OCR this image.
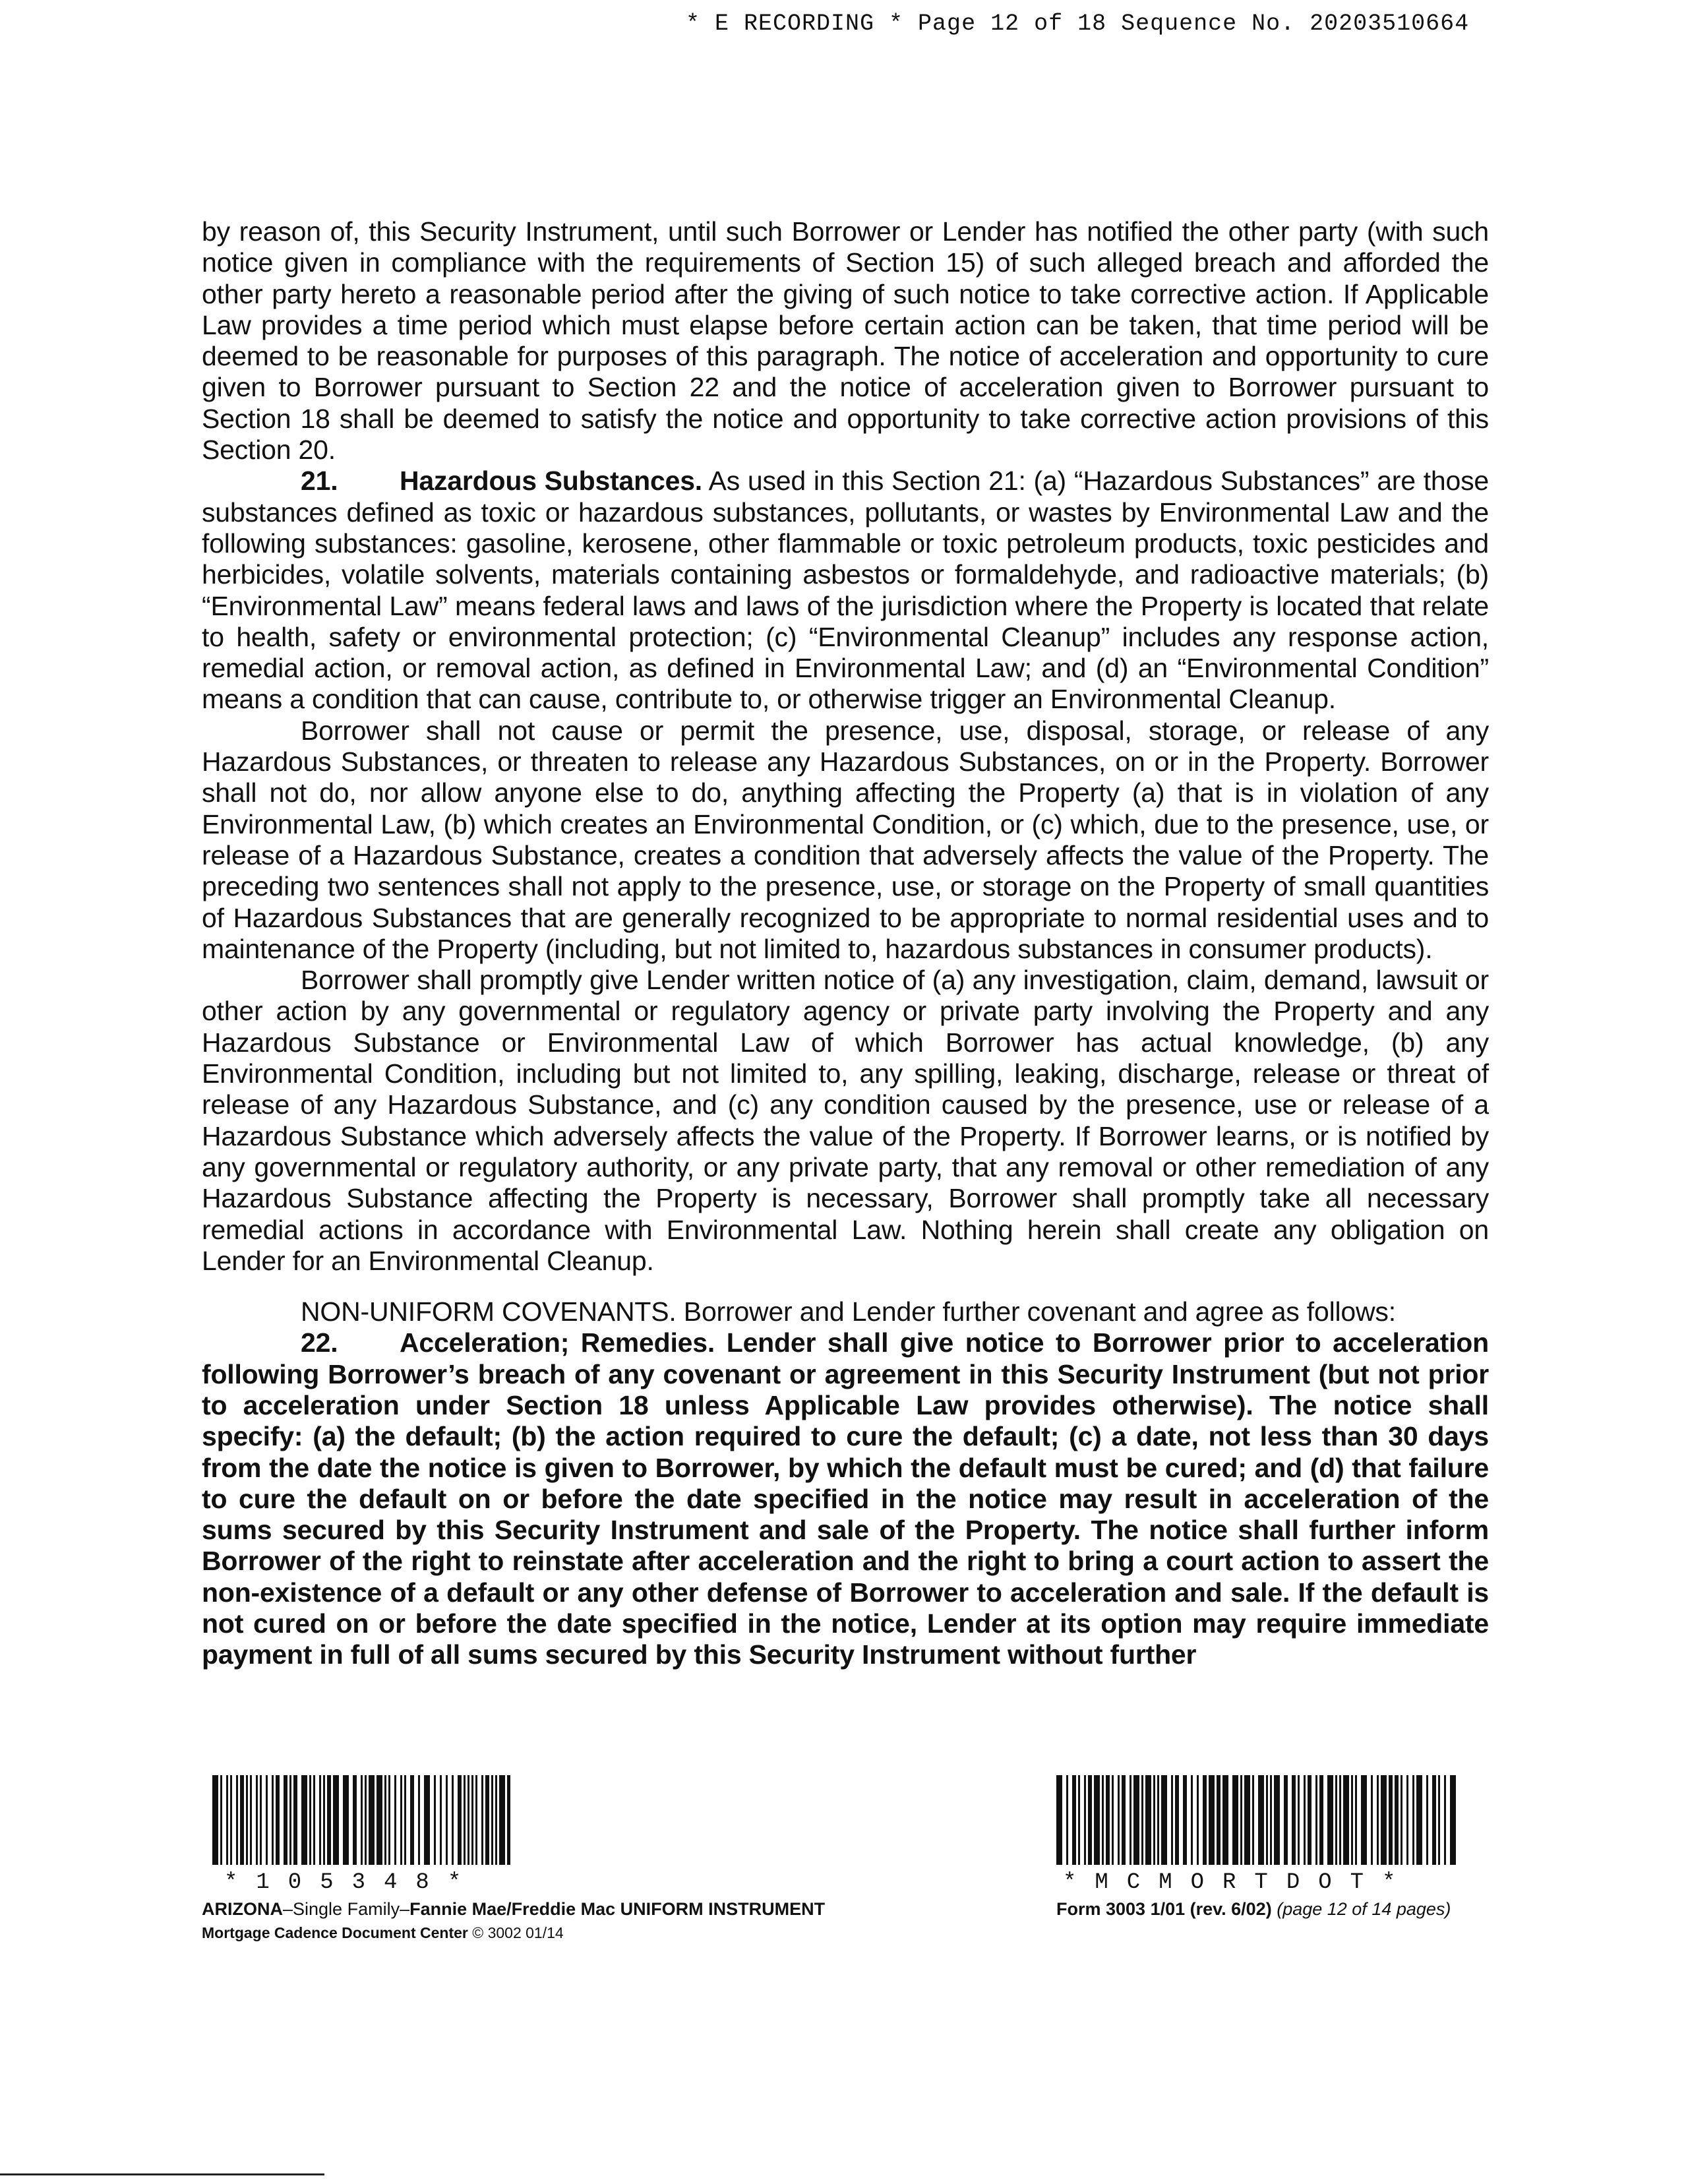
* E RECORDING * Page 12 of 18 Sequence No. 20203510664

by reason of, this Security Instrument, until such Borrower or Lender has notified the other party (with such notice given in compliance with the requirements of Section 15) of such alleged breach and afforded the other party hereto a reasonable period after the giving of such notice to take corrective action. If Applicable Law provides a time period which must elapse before certain action can be taken, that time period will be deemed to be reasonable for purposes of this paragraph. The notice of acceleration and opportunity to cure given to Borrower pursuant to Section 22 and the notice of acceleration given to Borrower pursuant to Section 18 shall be deemed to satisfy the notice and opportunity to take corrective action provisions of this Section 20.

21. Hazardous Substances. As used in this Section 21: (a) “Hazardous Substances” are those substances defined as toxic or hazardous substances, pollutants, or wastes by Environmental Law and the following substances: gasoline, kerosene, other flammable or toxic petroleum products, toxic pesticides and herbicides, volatile solvents, materials containing asbestos or formaldehyde, and radioactive materials; (b) “Environmental Law” means federal laws and laws of the jurisdiction where the Property is located that relate to health, safety or environmental protection; (c) “Environmental Cleanup” includes any response action, remedial action, or removal action, as defined in Environmental Law; and (d) an “Environmental Condition” means a condition that can cause, contribute to, or otherwise trigger an Environmental Cleanup.

Borrower shall not cause or permit the presence, use, disposal, storage, or release of any Hazardous Substances, or threaten to release any Hazardous Substances, on or in the Property. Borrower shall not do, nor allow anyone else to do, anything affecting the Property (a) that is in violation of any Environmental Law, (b) which creates an Environmental Condition, or (c) which, due to the presence, use, or release of a Hazardous Substance, creates a condition that adversely affects the value of the Property. The preceding two sentences shall not apply to the presence, use, or storage on the Property of small quantities of Hazardous Substances that are generally recognized to be appropriate to normal residential uses and to maintenance of the Property (including, but not limited to, hazardous substances in consumer products).

Borrower shall promptly give Lender written notice of (a) any investigation, claim, demand, lawsuit or other action by any governmental or regulatory agency or private party involving the Property and any Hazardous Substance or Environmental Law of which Borrower has actual knowledge, (b) any Environmental Condition, including but not limited to, any spilling, leaking, discharge, release or threat of release of any Hazardous Substance, and (c) any condition caused by the presence, use or release of a Hazardous Substance which adversely affects the value of the Property. If Borrower learns, or is notified by any governmental or regulatory authority, or any private party, that any removal or other remediation of any Hazardous Substance affecting the Property is necessary, Borrower shall promptly take all necessary remedial actions in accordance with Environmental Law. Nothing herein shall create any obligation on Lender for an Environmental Cleanup.

NON-UNIFORM COVENANTS. Borrower and Lender further covenant and agree as follows:

22. Acceleration; Remedies. Lender shall give notice to Borrower prior to acceleration following Borrower’s breach of any covenant or agreement in this Security Instrument (but not prior to acceleration under Section 18 unless Applicable Law provides otherwise). The notice shall specify: (a) the default; (b) the action required to cure the default; (c) a date, not less than 30 days from the date the notice is given to Borrower, by which the default must be cured; and (d) that failure to cure the default on or before the date specified in the notice may result in acceleration of the sums secured by this Security Instrument and sale of the Property. The notice shall further inform Borrower of the right to reinstate after acceleration and the right to bring a court action to assert the non-existence of a default or any other defense of Borrower to acceleration and sale. If the default is not cured on or before the date specified in the notice, Lender at its option may require immediate payment in full of all sums secured by this Security Instrument without further

*105348*	*MCMORTDOT*
ARIZONA–Single Family–Fannie Mae/Freddie Mac UNIFORM INSTRUMENT
Mortgage Cadence Document Center © 3002 01/14
Form 3003 1/01 (rev. 6/02) (page 12 of 14 pages)
